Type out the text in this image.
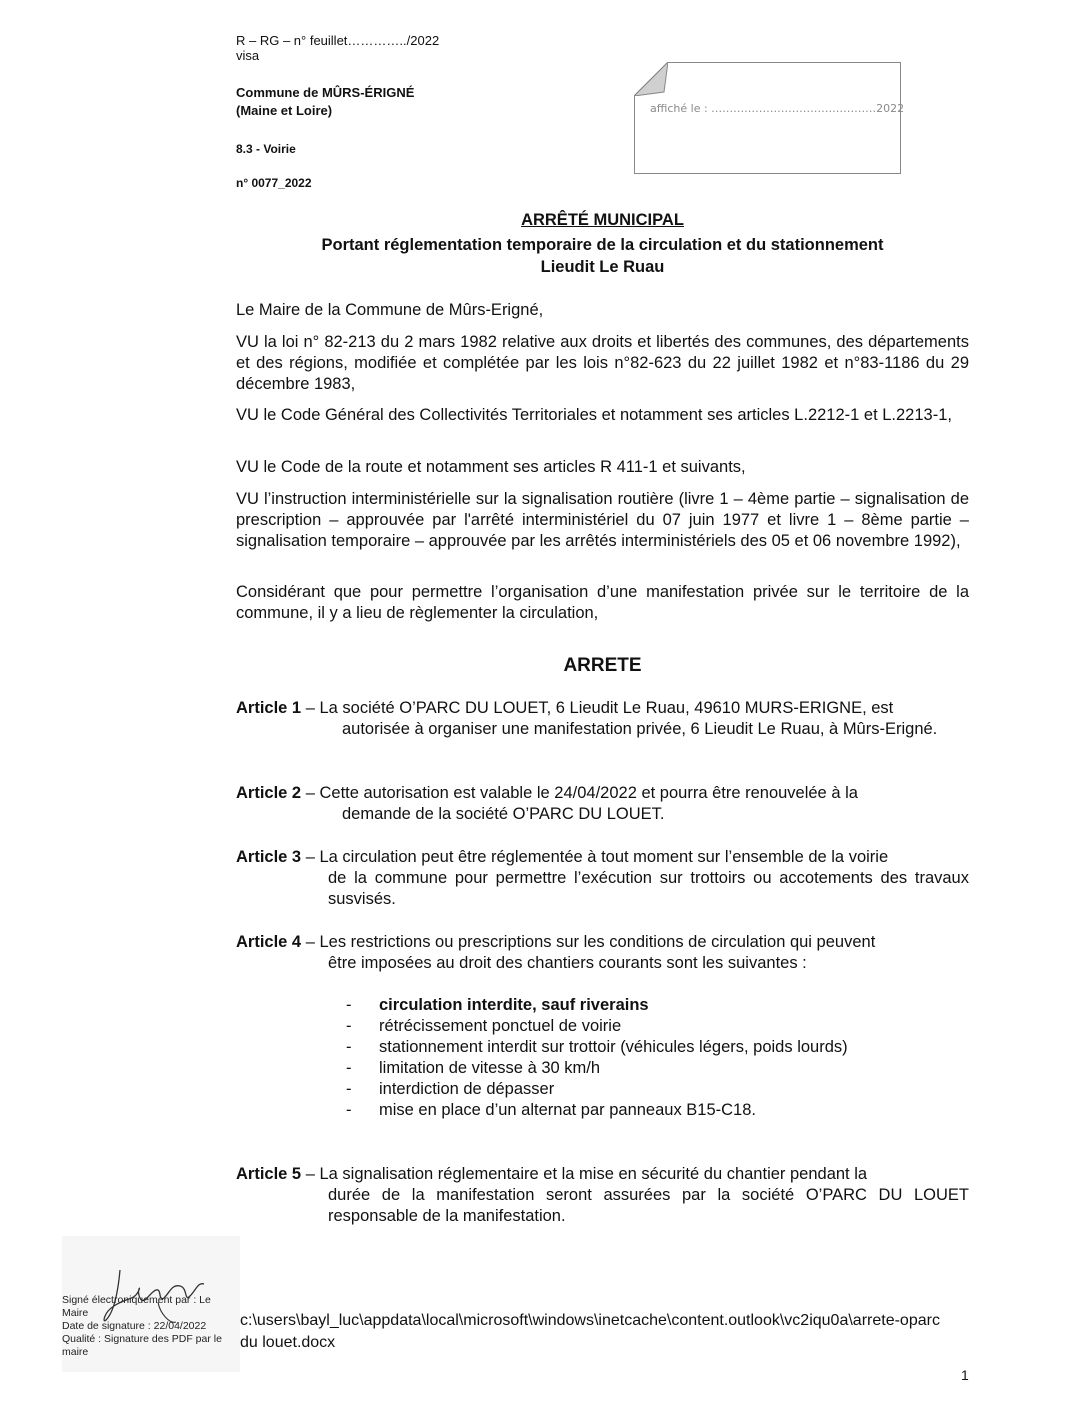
R – RG – n° feuillet…………../2022
visa
Commune de MÛRS-ÉRIGNÉ
(Maine et Loire)
8.3 - Voirie
n° 0077_2022
affiché le : ………………………………………2022
ARRÊTÉ MUNICIPAL
Portant réglementation temporaire de la circulation et du stationnement
Lieudit Le Ruau
Le Maire de la Commune de Mûrs-Erigné,
VU la loi n° 82-213 du 2 mars 1982 relative aux droits et libertés des communes, des départements et des régions, modifiée et complétée par les lois n°82-623 du 22 juillet 1982 et n°83-1186 du 29 décembre 1983,
VU le Code Général des Collectivités Territoriales et notamment ses articles L.2212-1 et L.2213-1,
VU le Code de la route et notamment ses articles R 411-1 et suivants,
VU l’instruction interministérielle sur la signalisation routière (livre 1 – 4ème partie – signalisation de prescription – approuvée par l'arrêté interministériel du 07 juin 1977 et livre 1 – 8ème partie – signalisation temporaire – approuvée par les arrêtés interministériels des 05 et 06 novembre 1992),
Considérant que pour permettre l’organisation d’une manifestation privée sur le territoire de la commune, il y a lieu de règlementer la circulation,
ARRETE
Article 1 – La société O’PARC DU LOUET, 6 Lieudit Le Ruau, 49610 MURS-ERIGNE, est
autorisée à organiser une manifestation privée, 6 Lieudit Le Ruau, à Mûrs-Erigné.
Article 2 – Cette autorisation est valable le 24/04/2022 et pourra être renouvelée à la
demande de la société O’PARC DU LOUET.
Article 3 – La circulation peut être réglementée à tout moment sur l’ensemble de la voirie
de la commune pour permettre l’exécution sur trottoirs ou accotements des travaux susvisés.
Article 4 – Les restrictions ou prescriptions sur les conditions de circulation qui peuvent
être imposées au droit des chantiers courants sont les suivantes :
-	circulation interdite, sauf riverains
-	rétrécissement ponctuel de voirie
-	stationnement interdit sur trottoir (véhicules légers, poids lourds)
-	limitation de vitesse à 30 km/h
-	interdiction de dépasser
-	mise en place d’un alternat par panneaux B15-C18.
Article 5 – La signalisation réglementaire et la mise en sécurité du chantier pendant la
durée de la manifestation seront assurées par la société O’PARC DU LOUET responsable de la manifestation.
Signé électroniquement par : Le Maire
Date de signature : 22/04/2022
Qualité : Signature des PDF par le maire
c:\users\bayl_luc\appdata\local\microsoft\windows\inetcache\content.outlook\vc2iqu0a\arrete-oparc du louet.docx
1
